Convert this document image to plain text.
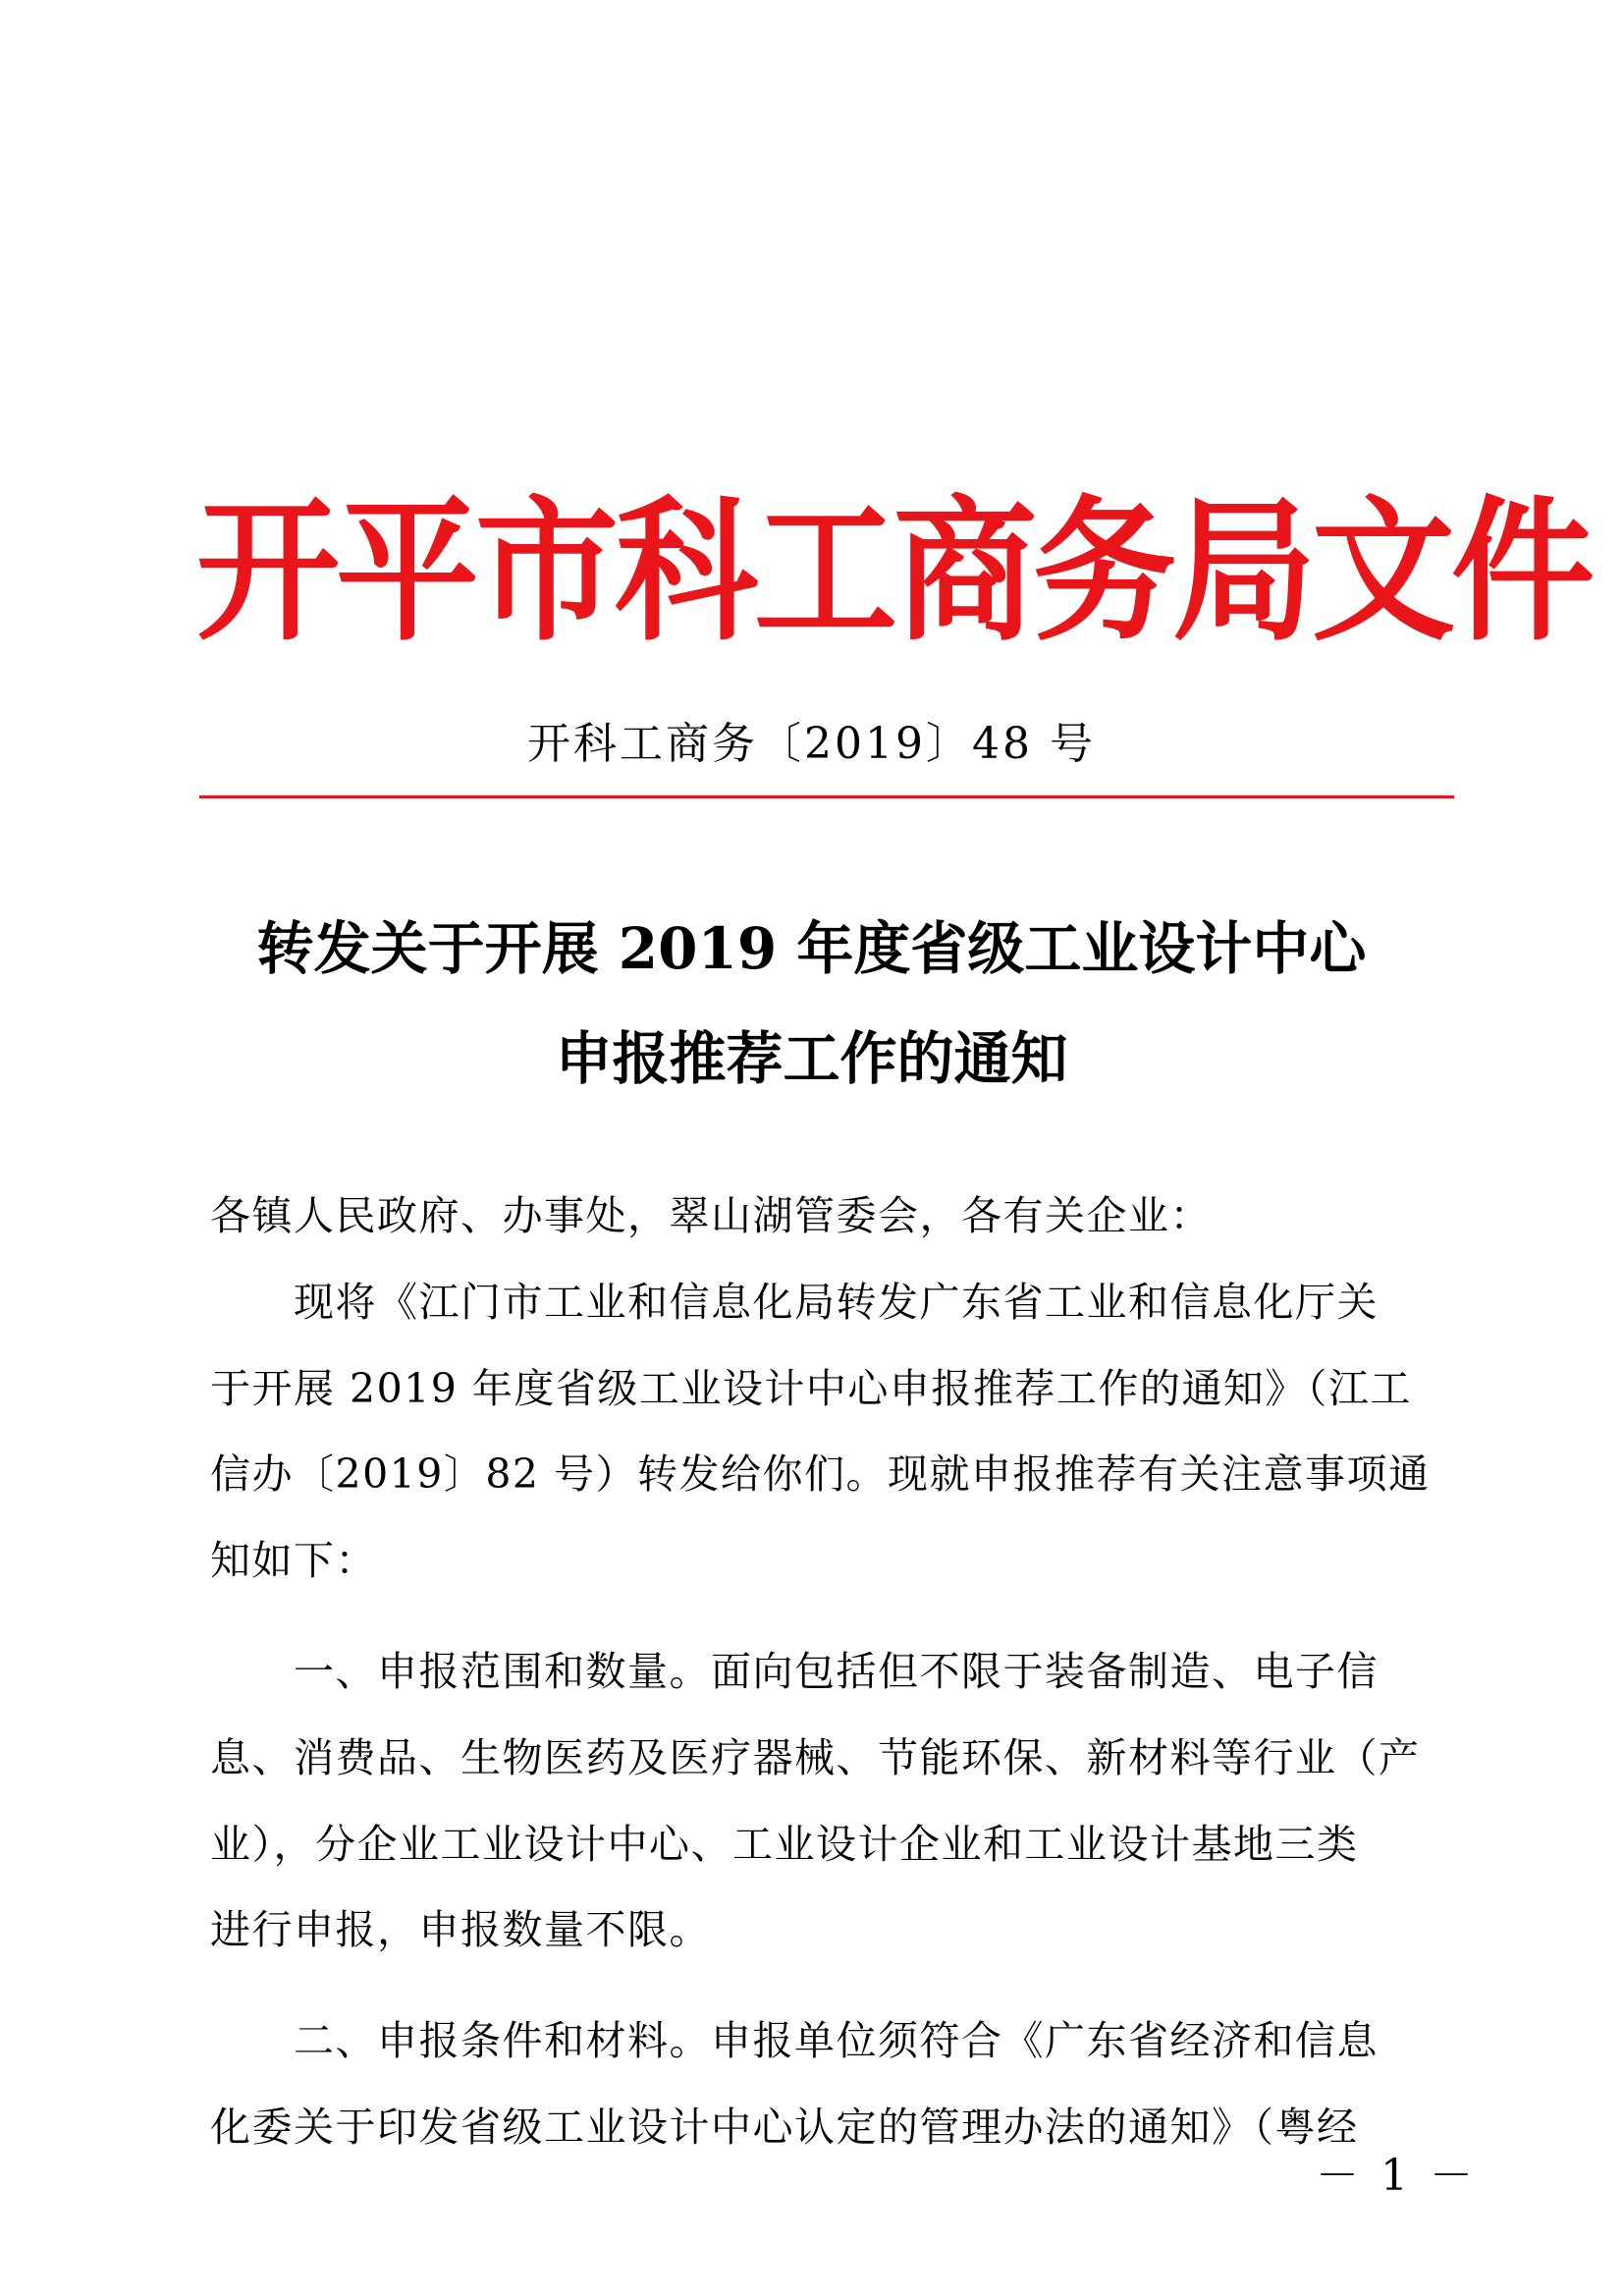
开平市科工商务局文件
开科工商务〔2019〕48 号
转发关于开展 2019 年度省级工业设计中心
申报推荐工作的通知
各镇人民政府、办事处，翠山湖管委会，各有关企业：
　　现将《江门市工业和信息化局转发广东省工业和信息化厅关
于开展 2019 年度省级工业设计中心申报推荐工作的通知》（江工
信办〔2019〕82 号）转发给你们。现就申报推荐有关注意事项通
知如下：
　　一、申报范围和数量。面向包括但不限于装备制造、电子信
息、消费品、生物医药及医疗器械、节能环保、新材料等行业（产
业），分企业工业设计中心、工业设计企业和工业设计基地三类
进行申报，申报数量不限。
　　二、申报条件和材料。申报单位须符合《广东省经济和信息
化委关于印发省级工业设计中心认定的管理办法的通知》（粤经
－ 1 －
